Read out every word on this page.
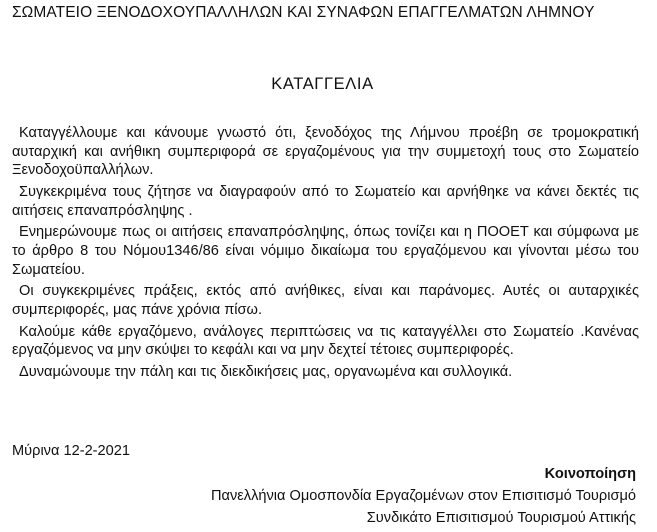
ΣΩΜΑΤΕΙΟ ΞΕΝΟΔΟΧΟΥΠΑΛΛΗΛΩΝ ΚΑΙ ΣΥΝΑΦΩΝ ΕΠΑΓΓΕΛΜΑΤΩΝ ΛΗΜΝΟΥ
ΚΑΤΑΓΓΕΛΙΑ

Καταγγέλλουμε και κάνουμε γνωστό ότι, ξενοδόχος της Λήμνου προέβη σε τρομοκρατική αυταρχική και ανήθικη συμπεριφορά σε εργαζομένους για την συμμετοχή τους στο Σωματείο Ξενοδοχοϋπαλλήλων.

Συγκεκριμένα τους ζήτησε να διαγραφούν από το Σωματείο και αρνήθηκε να κάνει δεκτές τις αιτήσεις επαναπρόσληψης .

Ενημερώνουμε πως οι αιτήσεις επαναπρόσληψης, όπως τονίζει και η ΠΟΟΕΤ και σύμφωνα με το άρθρο 8 του Νόμου1346/86 είναι νόμιμο δικαίωμα του εργαζόμενου και γίνονται μέσω του Σωματείου.

Οι συγκεκριμένες πράξεις, εκτός από ανήθικες, είναι και παράνομες. Αυτές οι αυταρχικές συμπεριφορές, μας πάνε χρόνια πίσω.

Καλούμε κάθε εργαζόμενο, ανάλογες περιπτώσεις να τις καταγγέλλει στο Σωματείο .Κανένας εργαζόμενος να μην σκύψει το κεφάλι και να μην δεχτεί τέτοιες συμπεριφορές.

Δυναμώνουμε την πάλη και τις διεκδικήσεις μας, οργανωμένα και συλλογικά.

Μύρινα 12-2-2021
Κοινοποίηση
Πανελλήνια Ομοσπονδία Εργαζομένων στον Επισιτισμό Τουρισμό
Συνδικάτο Επισιτισμού Τουρισμού Αττικής
